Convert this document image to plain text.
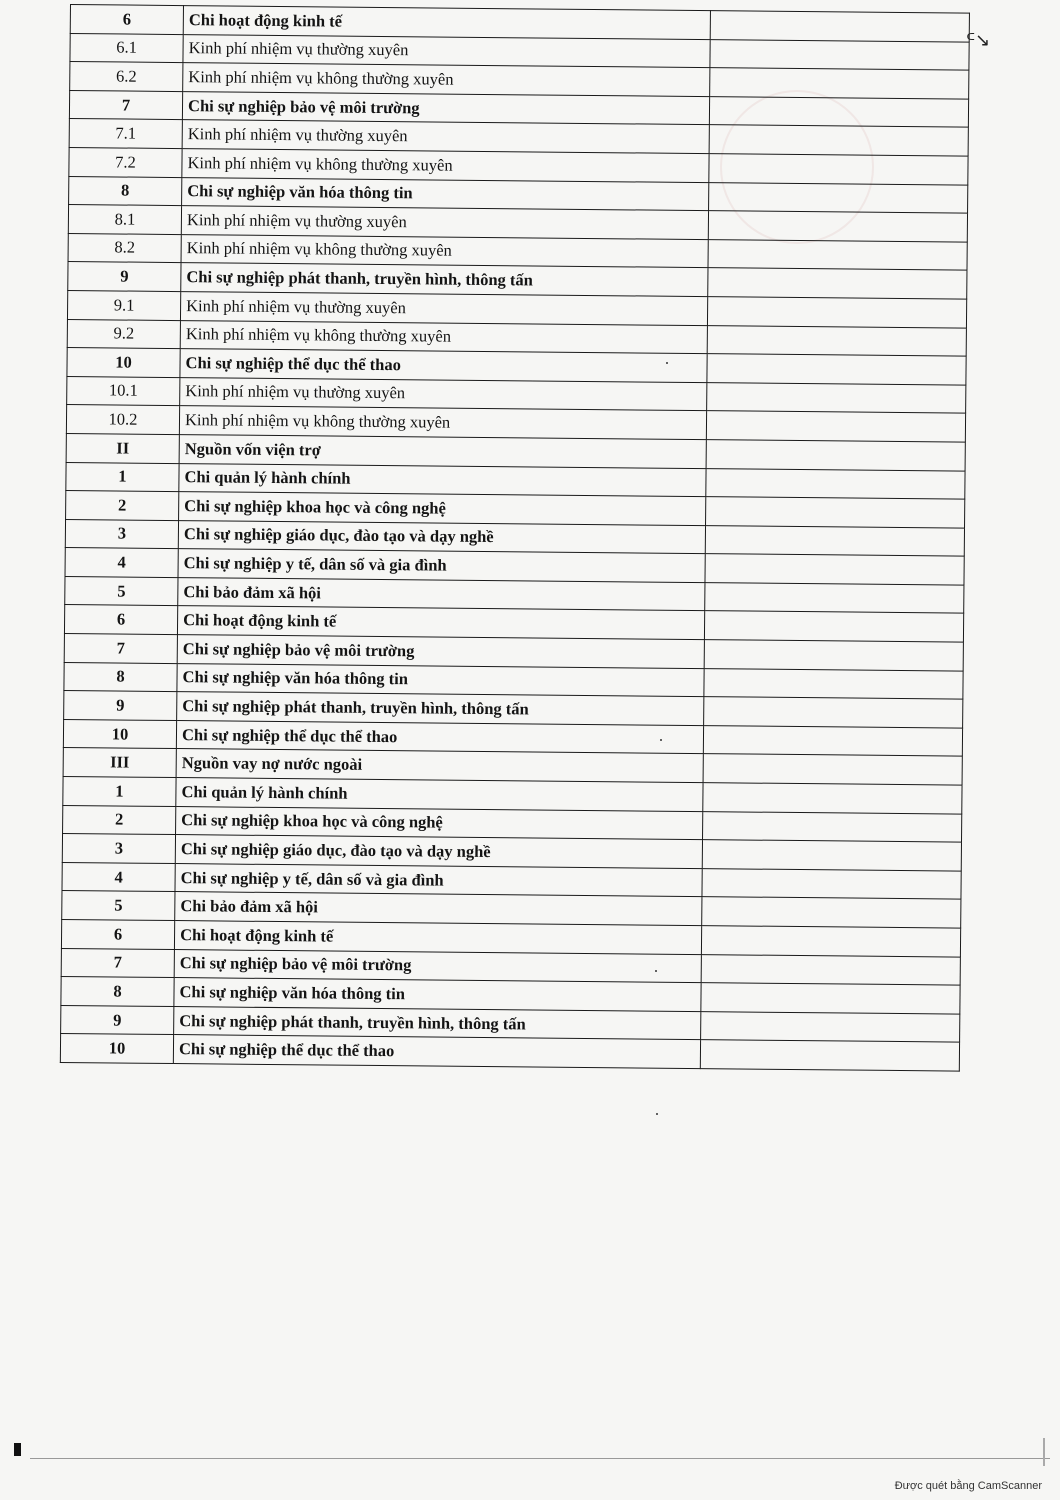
6	Chi hoạt động kinh tế	
6.1	Kinh phí nhiệm vụ thường xuyên	
6.2	Kinh phí nhiệm vụ không thường xuyên	
7	Chi sự nghiệp bảo vệ môi trường	
7.1	Kinh phí nhiệm vụ thường xuyên	
7.2	Kinh phí nhiệm vụ không thường xuyên	
8	Chi sự nghiệp văn hóa thông tin	
8.1	Kinh phí nhiệm vụ thường xuyên	
8.2	Kinh phí nhiệm vụ không thường xuyên	
9	Chi sự nghiệp phát thanh, truyền hình, thông tấn	
9.1	Kinh phí nhiệm vụ thường xuyên	
9.2	Kinh phí nhiệm vụ không thường xuyên	
10	Chi sự nghiệp thể dục thể thao	
10.1	Kinh phí nhiệm vụ thường xuyên	
10.2	Kinh phí nhiệm vụ không thường xuyên	
II	Nguồn vốn viện trợ	
1	Chi quản lý hành chính	
2	Chi sự nghiệp khoa học và công nghệ	
3	Chi sự nghiệp giáo dục, đào tạo và dạy nghề	
4	Chi sự nghiệp y tế, dân số và gia đình	
5	Chi bảo đảm xã hội	
6	Chi hoạt động kinh tế	
7	Chi sự nghiệp bảo vệ môi trường	
8	Chi sự nghiệp văn hóa thông tin	
9	Chi sự nghiệp phát thanh, truyền hình, thông tấn	
10	Chi sự nghiệp thể dục thể thao	
III	Nguồn vay nợ nước ngoài	
1	Chi quản lý hành chính	
2	Chi sự nghiệp khoa học và công nghệ	
3	Chi sự nghiệp giáo dục, đào tạo và dạy nghề	
4	Chi sự nghiệp y tế, dân số và gia đình	
5	Chi bảo đảm xã hội	
6	Chi hoạt động kinh tế	
7	Chi sự nghiệp bảo vệ môi trường	
8	Chi sự nghiệp văn hóa thông tin	
9	Chi sự nghiệp phát thanh, truyền hình, thông tấn	
10	Chi sự nghiệp thể dục thể thao	
ᒼ↘
Được quét bằng CamScanner
